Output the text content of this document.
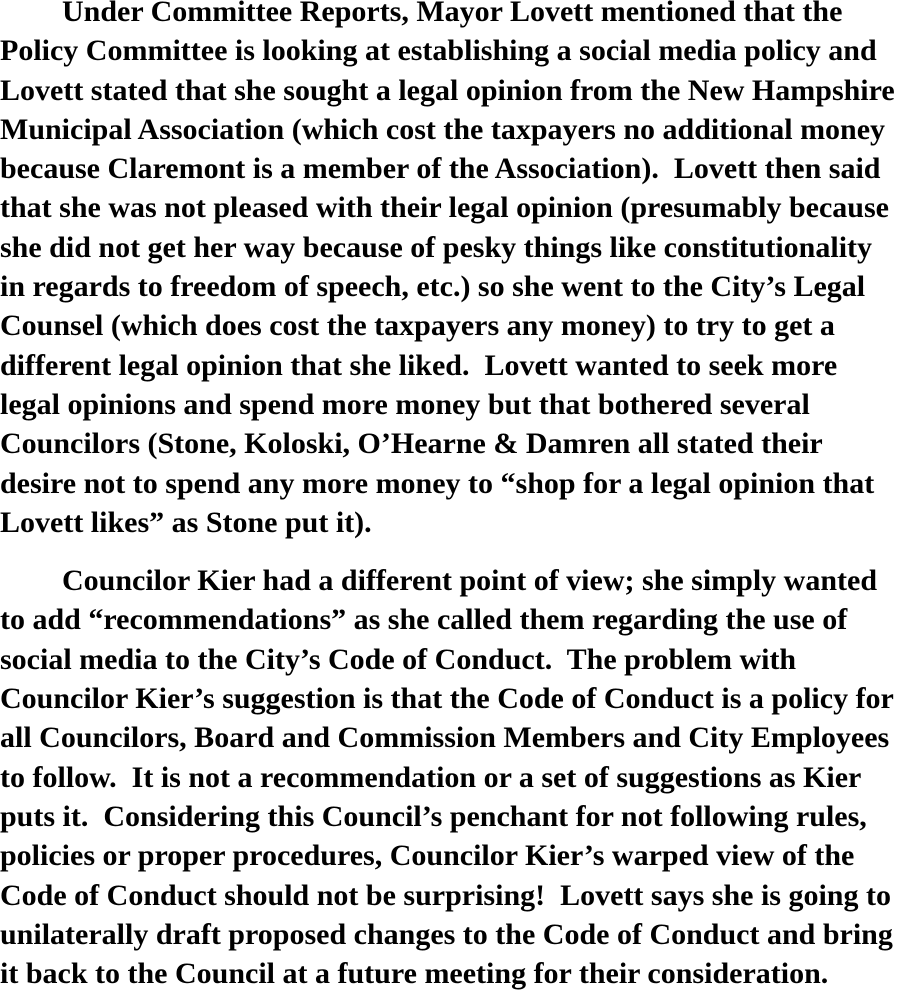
Under Committee Reports, Mayor Lovett mentioned that the
Policy Committee is looking at establishing a social media policy and
Lovett stated that she sought a legal opinion from the New Hampshire
Municipal Association (which cost the taxpayers no additional money
because Claremont is a member of the Association).  Lovett then said
that she was not pleased with their legal opinion (presumably because
she did not get her way because of pesky things like constitutionality
in regards to freedom of speech, etc.) so she went to the City’s Legal
Counsel (which does cost the taxpayers any money) to try to get a
different legal opinion that she liked.  Lovett wanted to seek more
legal opinions and spend more money but that bothered several
Councilors (Stone, Koloski, O’Hearne & Damren all stated their
desire not to spend any more money to “shop for a legal opinion that
Lovett likes” as Stone put it).
Councilor Kier had a different point of view; she simply wanted
to add “recommendations” as she called them regarding the use of
social media to the City’s Code of Conduct.  The problem with
Councilor Kier’s suggestion is that the Code of Conduct is a policy for
all Councilors, Board and Commission Members and City Employees
to follow.  It is not a recommendation or a set of suggestions as Kier
puts it.  Considering this Council’s penchant for not following rules,
policies or proper procedures, Councilor Kier’s warped view of the
Code of Conduct should not be surprising!  Lovett says she is going to
unilaterally draft proposed changes to the Code of Conduct and bring
it back to the Council at a future meeting for their consideration.
